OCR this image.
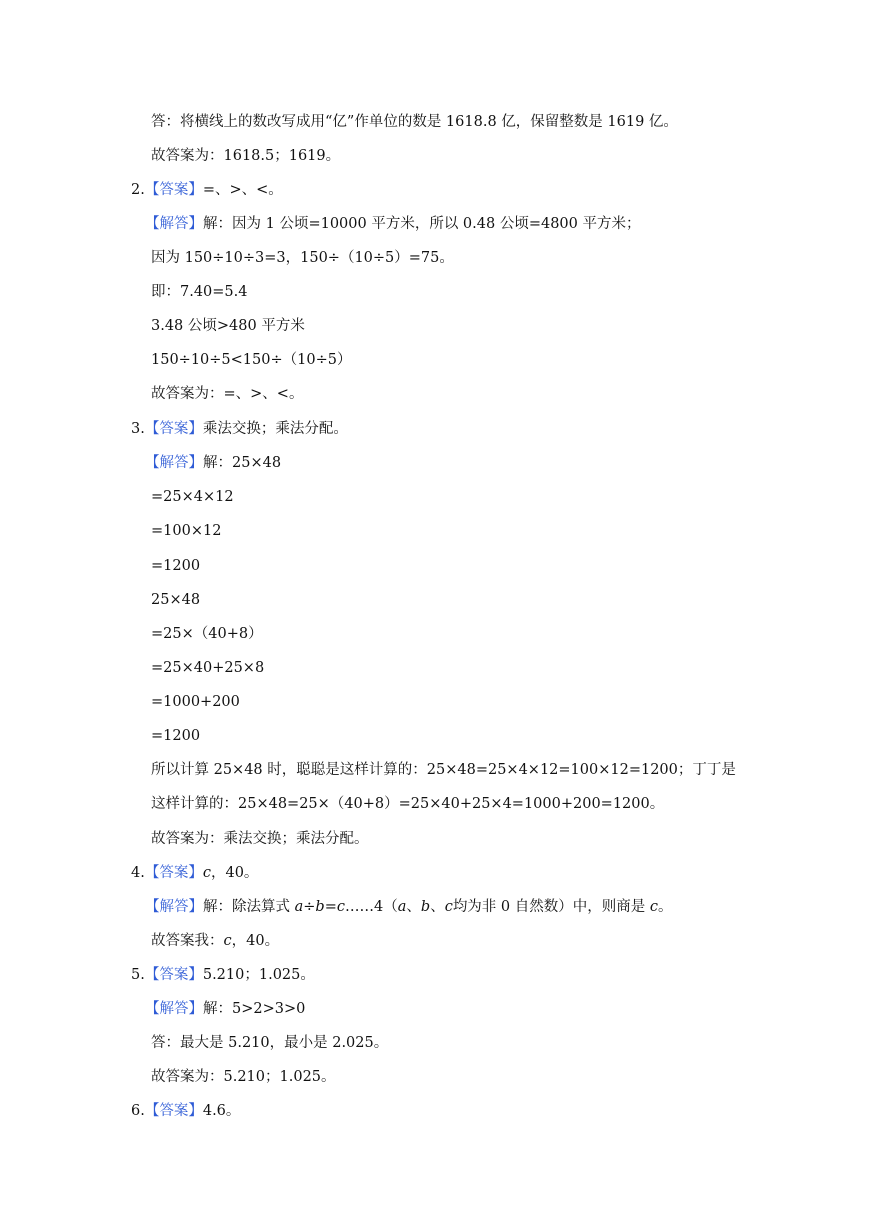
答：将横线上的数改写成用“亿”作单位的数是 1618.8 亿，保留整数是 1619 亿。
故答案为：1618.5；1619。
2.【答案】=、>、<。
【解答】解：因为 1 公顷=10000 平方米，所以 0.48 公顷=4800 平方米；
因为 150÷10÷3=3，150÷（10÷5）=75。
即：7.40=5.4
3.48 公顷>480 平方米
150÷10÷5<150÷（10÷5）
故答案为：=、>、<。
3.【答案】乘法交换；乘法分配。
【解答】解：25×48
=25×4×12
=100×12
=1200
25×48
=25×（40+8）
=25×40+25×8
=1000+200
=1200
所以计算 25×48 时，聪聪是这样计算的：25×48=25×4×12=100×12=1200；丁丁是
这样计算的：25×48=25×（40+8）=25×40+25×4=1000+200=1200。
故答案为：乘法交换；乘法分配。
4.【答案】c，40。
【解答】解：除法算式 a÷b=c……4（a、b、c均为非 0 自然数）中，则商是 c。
故答案我：c，40。
5.【答案】5.210；1.025。
【解答】解：5>2>3>0
答：最大是 5.210，最小是 2.025。
故答案为：5.210；1.025。
6.【答案】4.6。
